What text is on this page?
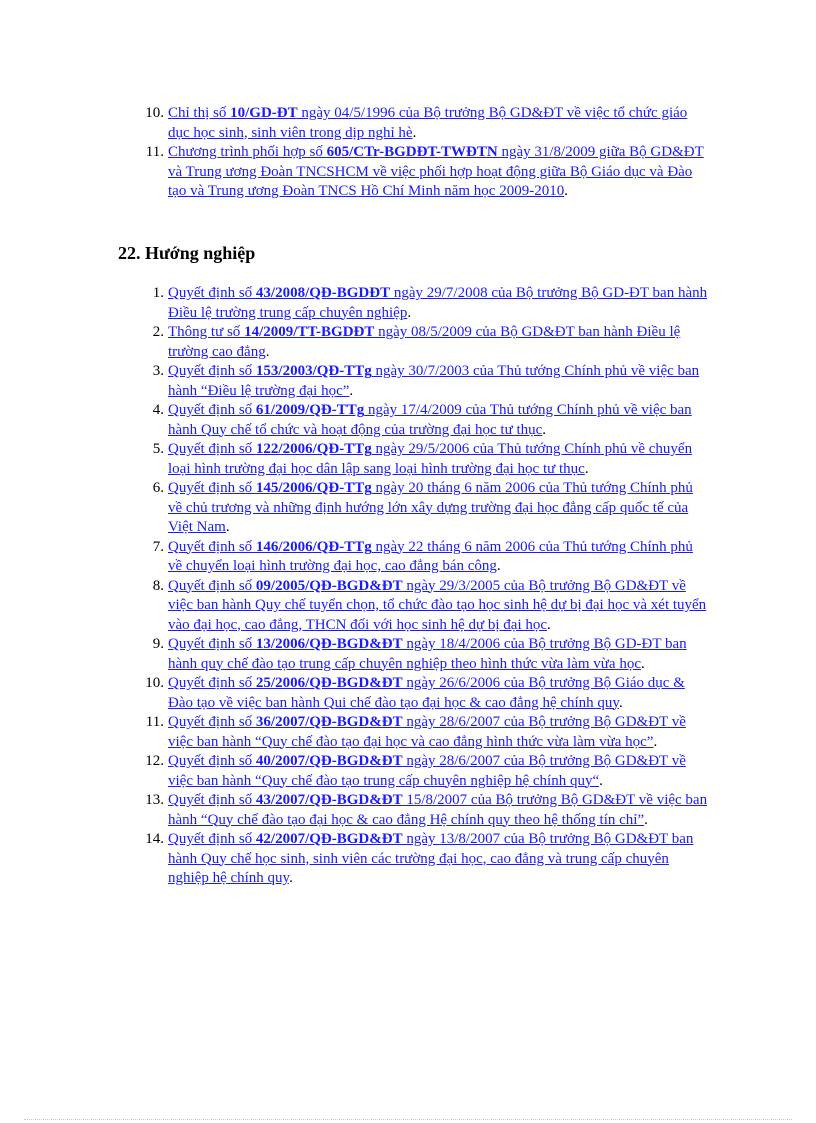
10. Chỉ thị số 10/GD-ĐT ngày 04/5/1996 của Bộ trưởng Bộ GD&ĐT về việc tổ chức giáo dục học sinh, sinh viên trong dịp nghỉ hè.
11. Chương trình phối hợp số 605/CTr-BGDĐT-TWĐTN ngày 31/8/2009 giữa Bộ GD&ĐT và Trung ương Đoàn TNCSHCM về việc phối hợp hoạt động giữa Bộ Giáo dục và Đào tạo và Trung ương Đoàn TNCS Hồ Chí Minh năm học 2009-2010.
22. Hướng nghiệp
1. Quyết định số 43/2008/QĐ-BGDĐT ngày 29/7/2008 của Bộ trưởng Bộ GD-ĐT ban hành Điều lệ trường trung cấp chuyên nghiệp.
2. Thông tư số 14/2009/TT-BGDĐT ngày 08/5/2009 của Bộ GD&ĐT ban hành Điều lệ trường cao đẳng.
3. Quyết định số 153/2003/QĐ-TTg ngày 30/7/2003 của Thủ tướng Chính phủ về việc ban hành “Điều lệ trường đại học”.
4. Quyết định số 61/2009/QĐ-TTg ngày 17/4/2009 của Thủ tướng Chính phủ về việc ban hành Quy chế tổ chức và hoạt động của trường đại học tư thục.
5. Quyết định số 122/2006/QĐ-TTg ngày 29/5/2006 của Thủ tướng Chính phủ về chuyển loại hình trường đại học dân lập sang loại hình trường đại học tư thục.
6. Quyết định số 145/2006/QĐ-TTg ngày 20 tháng 6 năm 2006 của Thủ tướng Chính phủ về chủ trương và những định hướng lớn xây dựng trường đại học đẳng cấp quốc tế của Việt Nam.
7. Quyết định số 146/2006/QĐ-TTg ngày 22 tháng 6 năm 2006 của Thủ tướng Chính phủ về chuyển loại hình trường đại học, cao đẳng bán công.
8. Quyết định số 09/2005/QĐ-BGD&ĐT ngày 29/3/2005 của Bộ trưởng Bộ GD&ĐT về việc ban hành Quy chế tuyển chọn, tổ chức đào tạo học sinh hệ dự bị đại học và xét tuyển vào đại học, cao đẳng, THCN đối với học sinh hệ dự bị đại học.
9. Quyết định số 13/2006/QĐ-BGD&ĐT ngày 18/4/2006 của Bộ trưởng Bộ GD-ĐT ban hành quy chế đào tạo trung cấp chuyên nghiệp theo hình thức vừa làm vừa học.
10. Quyết định số 25/2006/QĐ-BGD&ĐT ngày 26/6/2006 của Bộ trưởng Bộ Giáo dục & Đào tạo về việc ban hành Qui chế đào tạo đại học & cao đẳng hệ chính quy.
11. Quyết định số 36/2007/QĐ-BGD&ĐT ngày 28/6/2007 của Bộ trưởng Bộ GD&ĐT về việc ban hành “Quy chế đào tạo đại học và cao đẳng hình thức vừa làm vừa học”.
12. Quyết định số 40/2007/QĐ-BGD&ĐT ngày 28/6/2007 của Bộ trưởng Bộ GD&ĐT về việc ban hành “Quy chế đào tạo trung cấp chuyên nghiệp hệ chính quy“.
13. Quyết định số 43/2007/QĐ-BGD&ĐT 15/8/2007 của Bộ trưởng Bộ GD&ĐT về việc ban hành “Quy chế đào tạo đại học & cao đẳng Hệ chính quy theo hệ thống tín chỉ”.
14. Quyết định số 42/2007/QĐ-BGD&ĐT ngày 13/8/2007 của Bộ trưởng Bộ GD&ĐT ban hành Quy chế học sinh, sinh viên các trường đại học, cao đẳng và trung cấp chuyên nghiệp hệ chính quy.
